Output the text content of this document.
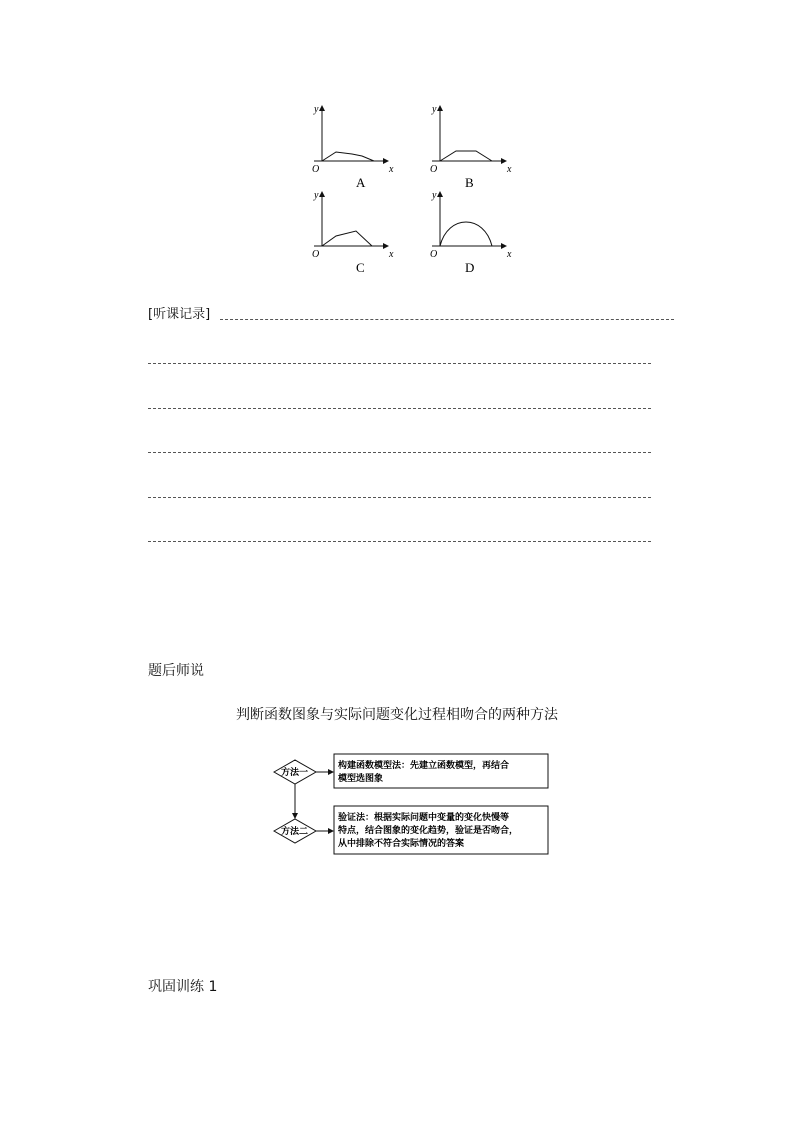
y
x
O
A
y
x
O
B
y
x
O
C
y
x
O
D
[听课记录]
题后师说
判断函数图象与实际问题变化过程相吻合的两种方法
方法一
方法二
构建函数模型法：先建立函数模型，再结合
模型选图象
验证法：根据实际问题中变量的变化快慢等
特点，结合图象的变化趋势，验证是否吻合，
从中排除不符合实际情况的答案
巩固训练 1
